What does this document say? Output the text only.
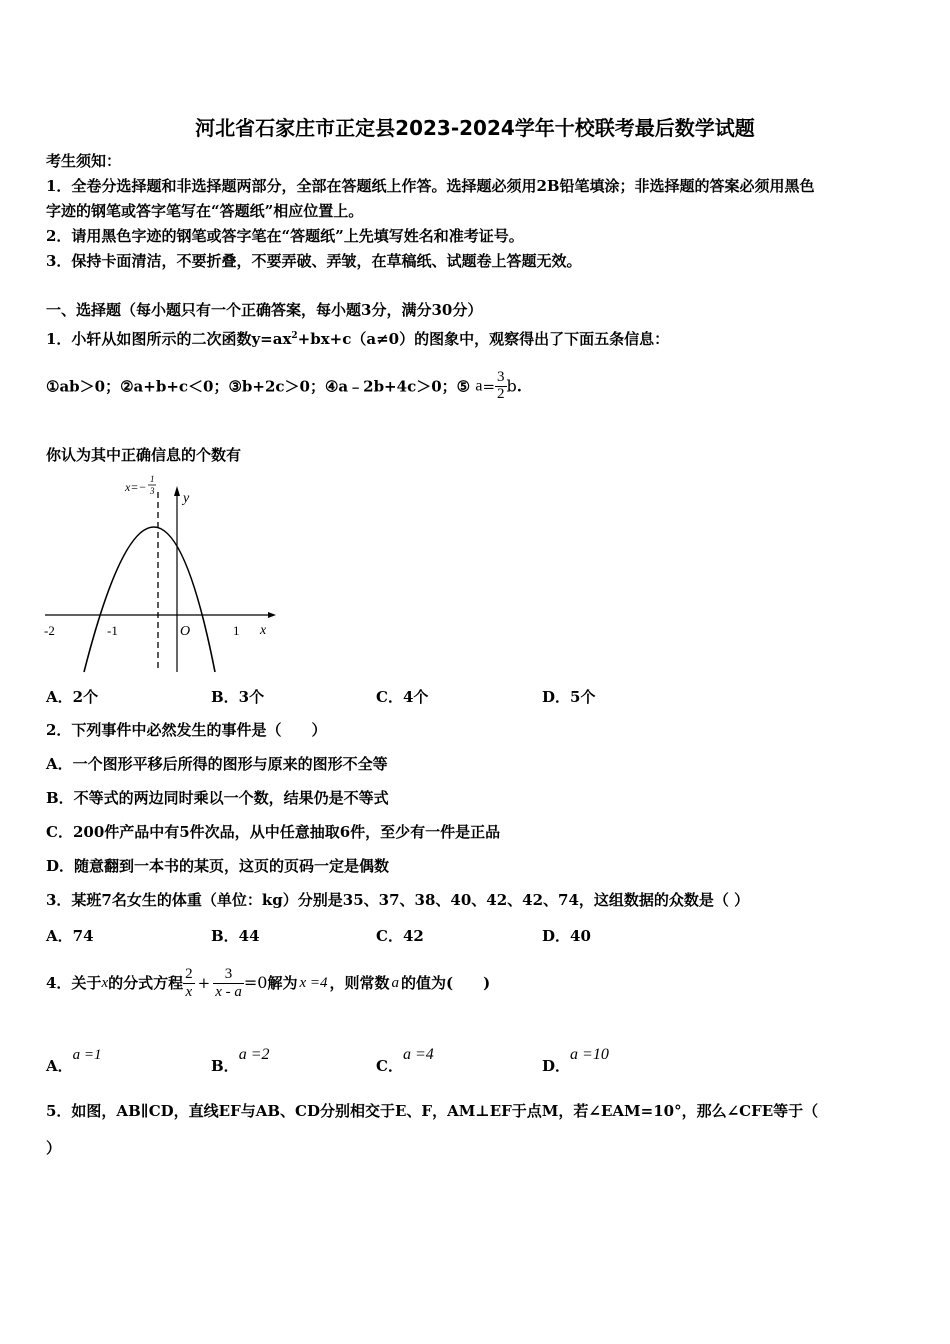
河北省石家庄市正定县2023-2024学年十校联考最后数学试题
考生须知：
1．全卷分选择题和非选择题两部分，全部在答题纸上作答。选择题必须用2B铅笔填涂；非选择题的答案必须用黑色
字迹的钢笔或答字笔写在“答题纸”相应位置上。
2．请用黑色字迹的钢笔或答字笔在“答题纸”上先填写姓名和准考证号。
3．保持卡面清洁，不要折叠，不要弄破、弄皱，在草稿纸、试题卷上答题无效。
一、选择题（每小题只有一个正确答案，每小题3分，满分30分）
1．小轩从如图所示的二次函数$y=ax^2+bx+c(a\ne 0)$的图象中，观察得出了下面五条信息：
①ab＞0；②a+b+c＜0；③b+2c＞0；④a﹣2b+4c＞0；⑤ $a= \frac{3}{2} b$.
你认为其中正确信息的个数有
x=−
1
3 y
x
O
-2	-1	1
A．2个	B．3个	C．4个	D．5个
2．下列事件中必然发生的事件是（　　）
A．一个图形平移后所得的图形与原来的图形不全等
B．不等式的两边同时乘以一个数，结果仍是不等式
C．200件产品中有5件次品，从中任意抽取6件，至少有一件是正品
D．随意翻到一本书的某页，这页的页码一定是偶数
3．某班7名女生的体重（单位：kg）分别是35、37、38、40、42、42、74，这组数据的众数是（ ）
A．74	B．44	C．42	D．40
4．关于x的分式方程 $\frac{2}{x} + \frac{3}{x - a} =0$解为 x =4 ，则常数 a 的值为(　　)
A．a =1
B．a =2
C．a =4
D．a =10
5．如图，AB∥CD，直线EF与AB、CD分别相交于E、F，AM⊥EF于点M，若∠EAM=10°，那么∠CFE等于（
）
